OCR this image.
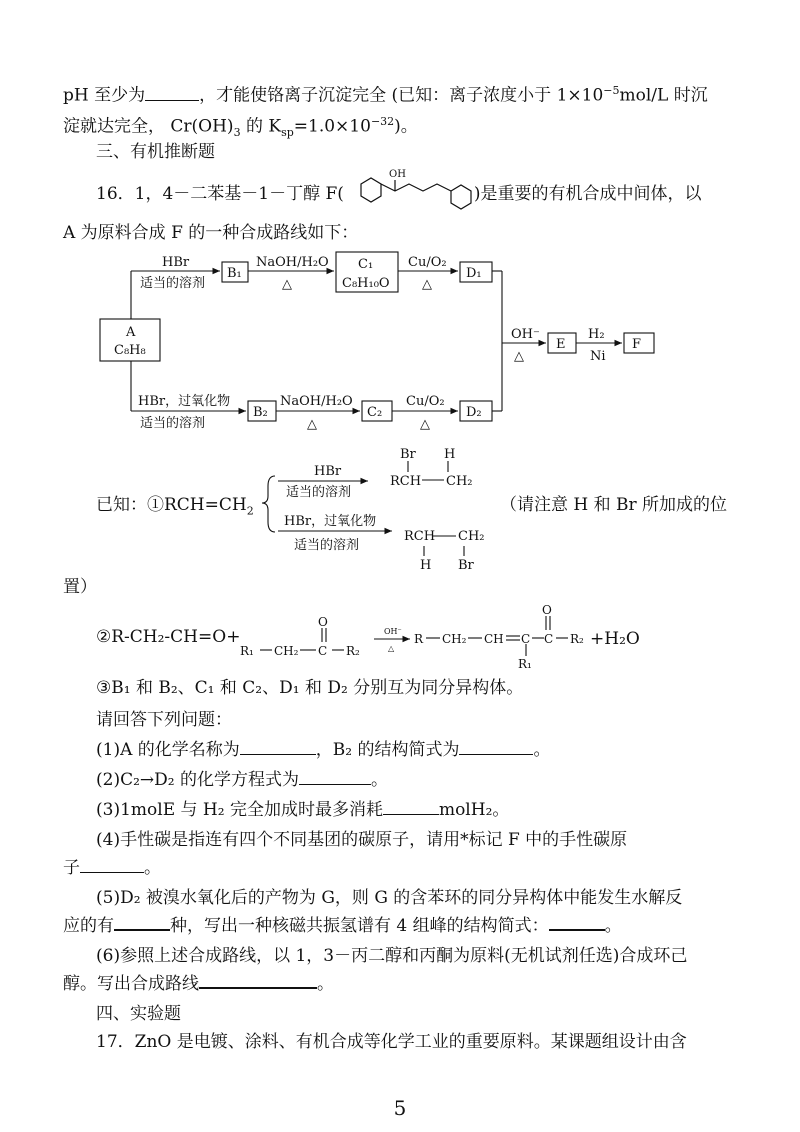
pH 至少为	，才能使铬离子沉淀完全 (已知：离子浓度小于 $1\times 10^{-5}mol/L$ 时沉
淀就达完全， $Cr(OH)_3$ 的 $K_{sp}=1.0\times 10^{-32}$)。
三、有机推断题
16．1，4－二苯基－1－丁醇 F(	)是重要的有机合成中间体，以
A 为原料合成 F 的一种合成路线如下：
OH
A
C₈H₈
HBr
适当的溶剂
B₁
NaOH/H₂O
△
C₁
C₈H₁₀O
Cu/O₂
△
D₁
HBr，过氧化物
适当的溶剂
B₂
NaOH/H₂O
△
C₂
Cu/O₂
△
D₂
OH⁻
△
E
H₂
Ni
F
已知：$①RCH=CH_2$	（请注意 H 和 Br 所加成的位
置）
HBr
适当的溶剂
Br H
RCH CH₂
HBr，过氧化物
适当的溶剂
RCH CH₂
H Br
②R-CH₂-CH=O+
R₁ CH₂ C
O
R₂
OH⁻
△
R CH₂ CH C
R₁
C
O
R₂ +H₂O
③B₁ 和 B₂、C₁ 和 C₂、D₁ 和 D₂ 分别互为同分异构体。
请回答下列问题：
(1)A 的化学名称为	，B₂ 的结构简式为	。
(2)C₂→D₂ 的化学方程式为	。
(3)1molE 与 H₂ 完全加成时最多消耗	molH₂。
(4)手性碳是指连有四个不同基团的碳原子，请用*标记 F 中的手性碳原
子	。
(5)D₂ 被溴水氧化后的产物为 G，则 G 的含苯环的同分异构体中能发生水解反
应的有	种，写出一种核磁共振氢谱有 4 组峰的结构简式：	。
(6)参照上述合成路线，以 1，3－丙二醇和丙酮为原料(无机试剂任选)合成环己
醇。写出合成路线	。
四、实验题
17．ZnO 是电镀、涂料、有机合成等化学工业的重要原料。某课题组设计由含
5
